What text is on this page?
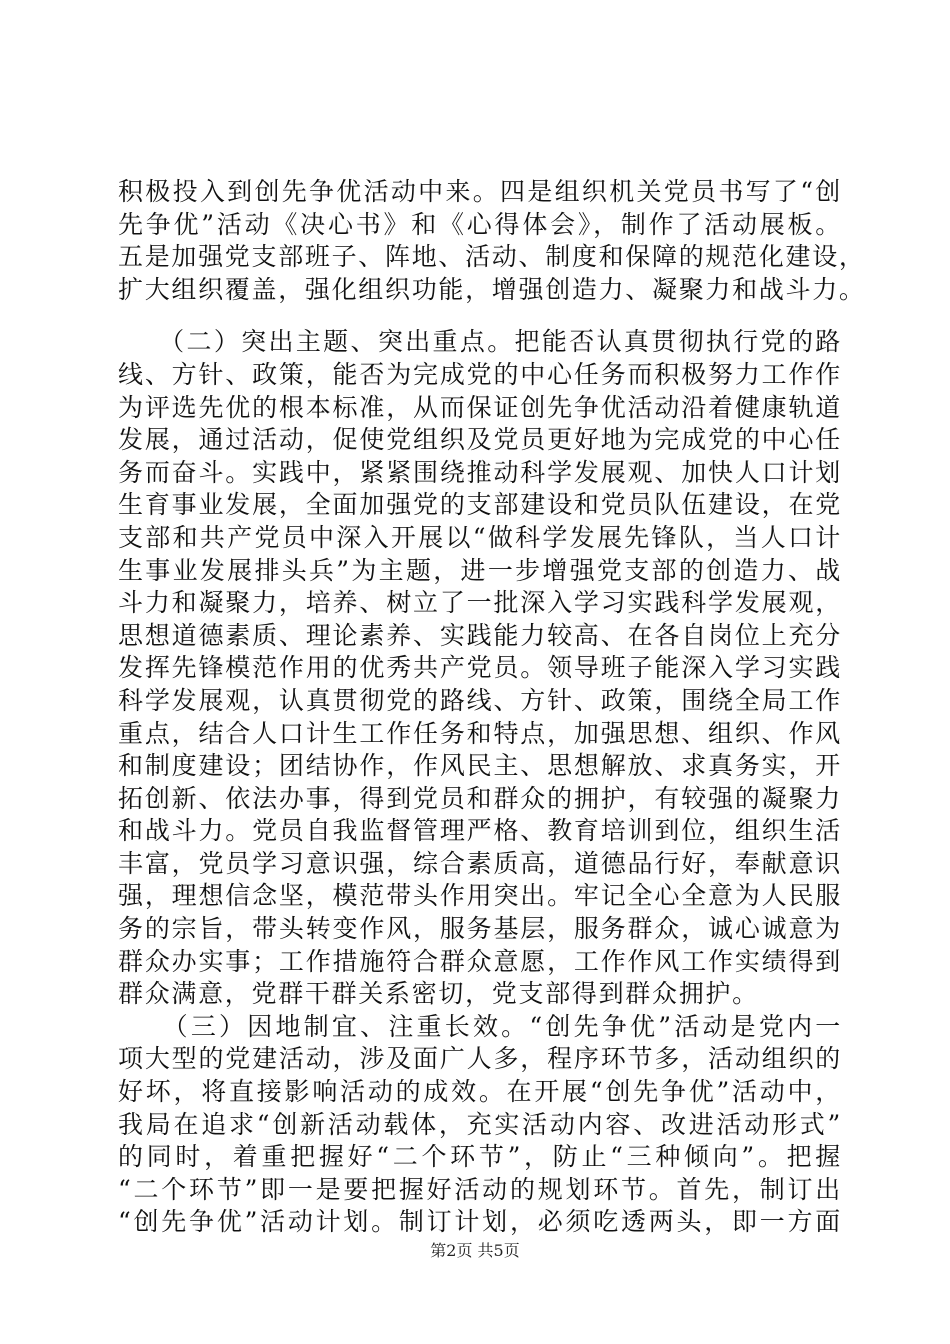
积极投入到创先争优活动中来。四是组织机关党员书写了“创
先争优”活动《决心书》和《心得体会》，制作了活动展板。
五是加强党支部班子、阵地、活动、制度和保障的规范化建设，
扩大组织覆盖，强化组织功能，增强创造力、凝聚力和战斗力。
（二）突出主题、突出重点。把能否认真贯彻执行党的路
线、方针、政策，能否为完成党的中心任务而积极努力工作作
为评选先优的根本标准，从而保证创先争优活动沿着健康轨道
发展，通过活动，促使党组织及党员更好地为完成党的中心任
务而奋斗。实践中，紧紧围绕推动科学发展观、加快人口计划
生育事业发展，全面加强党的支部建设和党员队伍建设，在党
支部和共产党员中深入开展以“做科学发展先锋队，当人口计
生事业发展排头兵”为主题，进一步增强党支部的创造力、战
斗力和凝聚力，培养、树立了一批深入学习实践科学发展观，
思想道德素质、理论素养、实践能力较高、在各自岗位上充分
发挥先锋模范作用的优秀共产党员。领导班子能深入学习实践
科学发展观，认真贯彻党的路线、方针、政策，围绕全局工作
重点，结合人口计生工作任务和特点，加强思想、组织、作风
和制度建设；团结协作，作风民主、思想解放、求真务实，开
拓创新、依法办事，得到党员和群众的拥护，有较强的凝聚力
和战斗力。党员自我监督管理严格、教育培训到位，组织生活
丰富，党员学习意识强，综合素质高，道德品行好，奉献意识
强，理想信念坚，模范带头作用突出。牢记全心全意为人民服
务的宗旨，带头转变作风，服务基层，服务群众，诚心诚意为
群众办实事；工作措施符合群众意愿，工作作风工作实绩得到
群众满意，党群干群关系密切，党支部得到群众拥护。
（三）因地制宜、注重长效。“创先争优”活动是党内一
项大型的党建活动，涉及面广人多，程序环节多，活动组织的
好坏，将直接影响活动的成效。在开展“创先争优”活动中，
我局在追求“创新活动载体，充实活动内容、改进活动形式”
的同时，着重把握好“二个环节”，防止“三种倾向”。把握
“二个环节”即一是要把握好活动的规划环节。首先，制订出
“创先争优”活动计划。制订计划，必须吃透两头，即一方面
第2页 共5页
